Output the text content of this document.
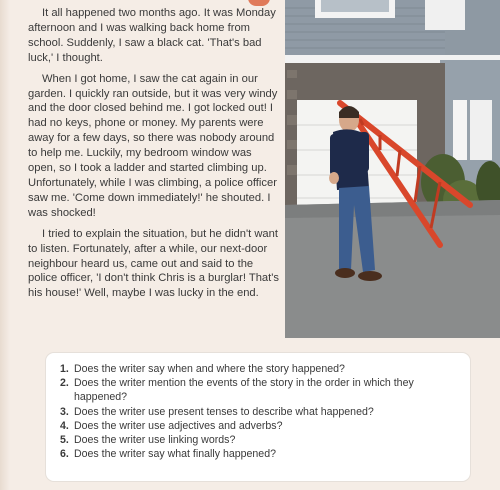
It all happened two months ago. It was Monday afternoon and I was walking back home from school. Suddenly, I saw a black cat. 'That's bad luck,' I thought.

When I got home, I saw the cat again in our garden. I quickly ran outside, but it was very windy and the door closed behind me. I got locked out! I had no keys, phone or money. My parents were away for a few days, so there was nobody around to help me. Luckily, my bedroom window was open, so I took a ladder and started climbing up. Unfortunately, while I was climbing, a police officer saw me. 'Come down immediately!' he shouted. I was shocked!

I tried to explain the situation, but he didn't want to listen. Fortunately, after a while, our next-door neighbour heard us, came out and said to the police officer, 'I don't think Chris is a burglar! That's his house!' Well, maybe I was lucky in the end.

1. Does the writer say when and where the story happened?
2. Does the writer mention the events of the story in the order in which they happened?
3. Does the writer use present tenses to describe what happened?
4. Does the writer use adjectives and adverbs?
5. Does the writer use linking words?
6. Does the writer say what finally happened?
